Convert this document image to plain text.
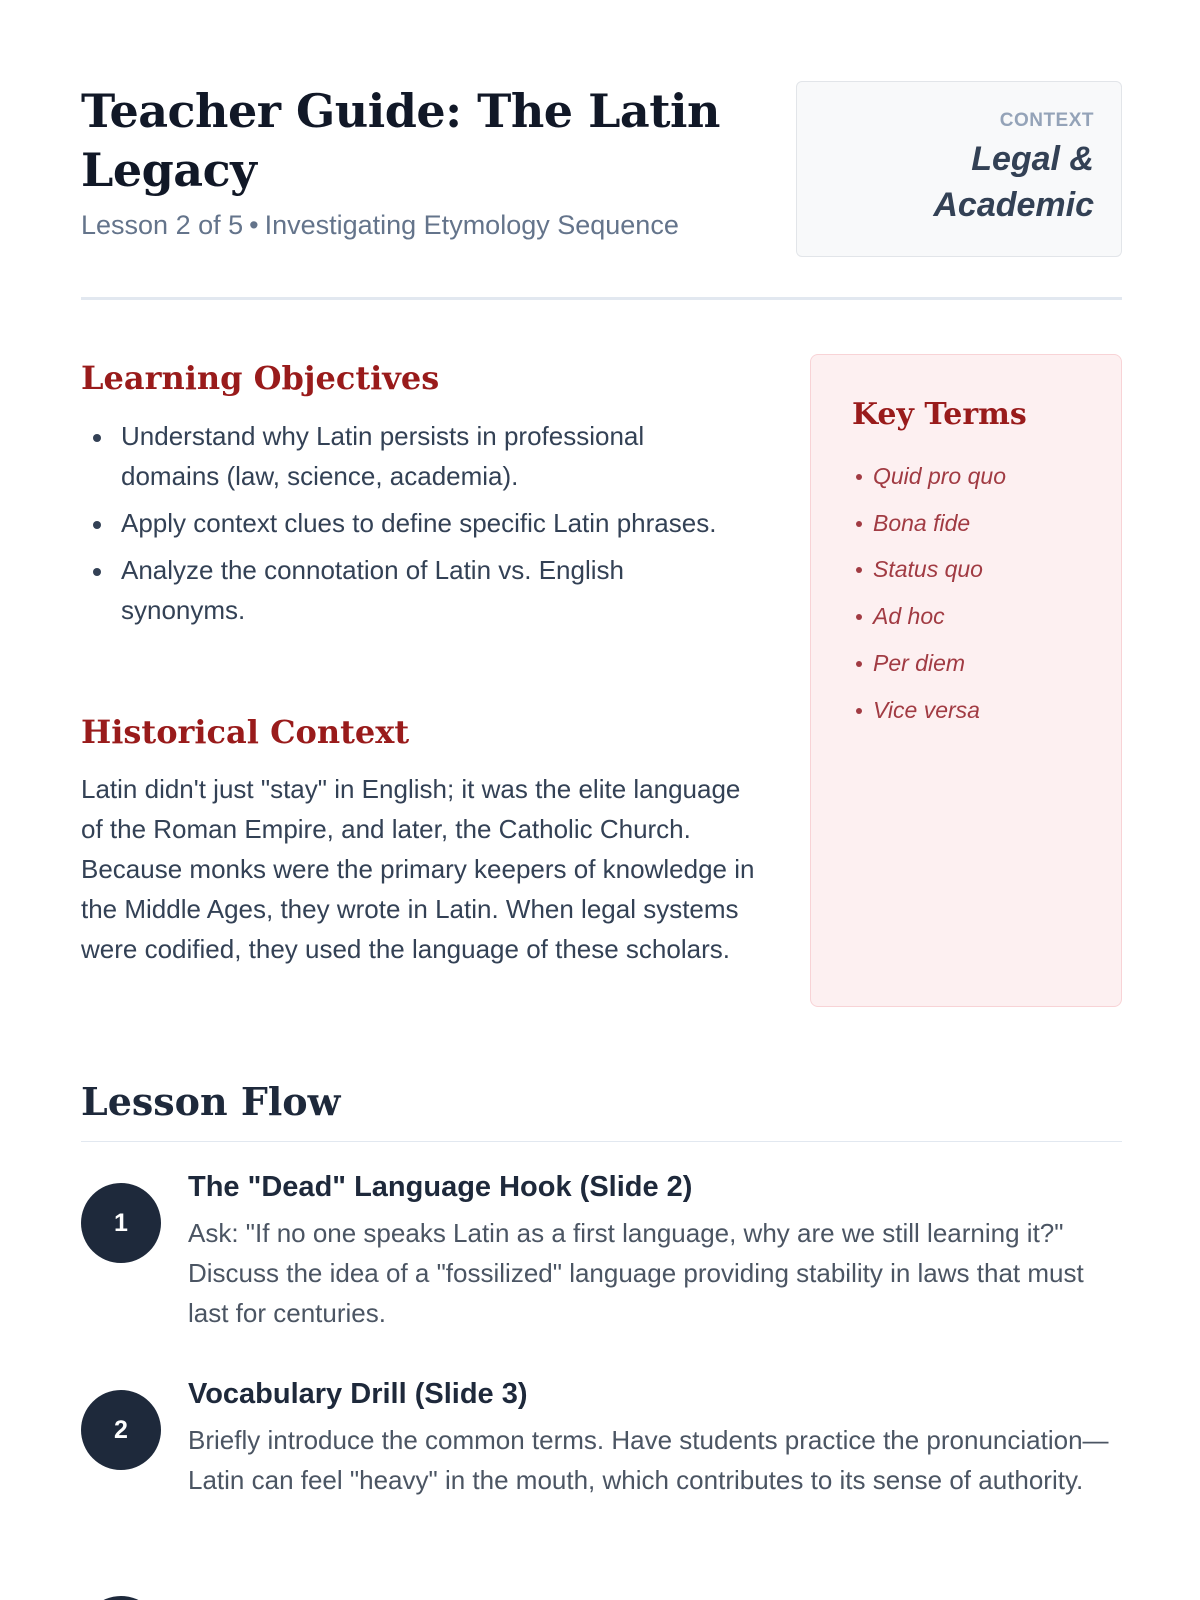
Teacher Guide: The Latin Legacy
Lesson 2 of 5 • Investigating Etymology Sequence
CONTEXT
Legal & Academic
Learning Objectives
Understand why Latin persists in professional domains (law, science, academia).
Apply context clues to define specific Latin phrases.
Analyze the connotation of Latin vs. English synonyms.
Historical Context

Latin didn't just "stay" in English; it was the elite language of the Roman Empire, and later, the Catholic Church. Because monks were the primary keepers of knowledge in the Middle Ages, they wrote in Latin. When legal systems were codified, they used the language of these scholars.

Key Terms
Quid pro quo
Bona fide
Status quo
Ad hoc
Per diem
Vice versa
Lesson Flow
1
The "Dead" Language Hook (Slide 2)

Ask: "If no one speaks Latin as a first language, why are we still learning it?" Discuss the idea of a "fossilized" language providing stability in laws that must last for centuries.

2
Vocabulary Drill (Slide 3)

Briefly introduce the common terms. Have students practice the pronunciation—Latin can feel "heavy" in the mouth, which contributes to its sense of authority.
